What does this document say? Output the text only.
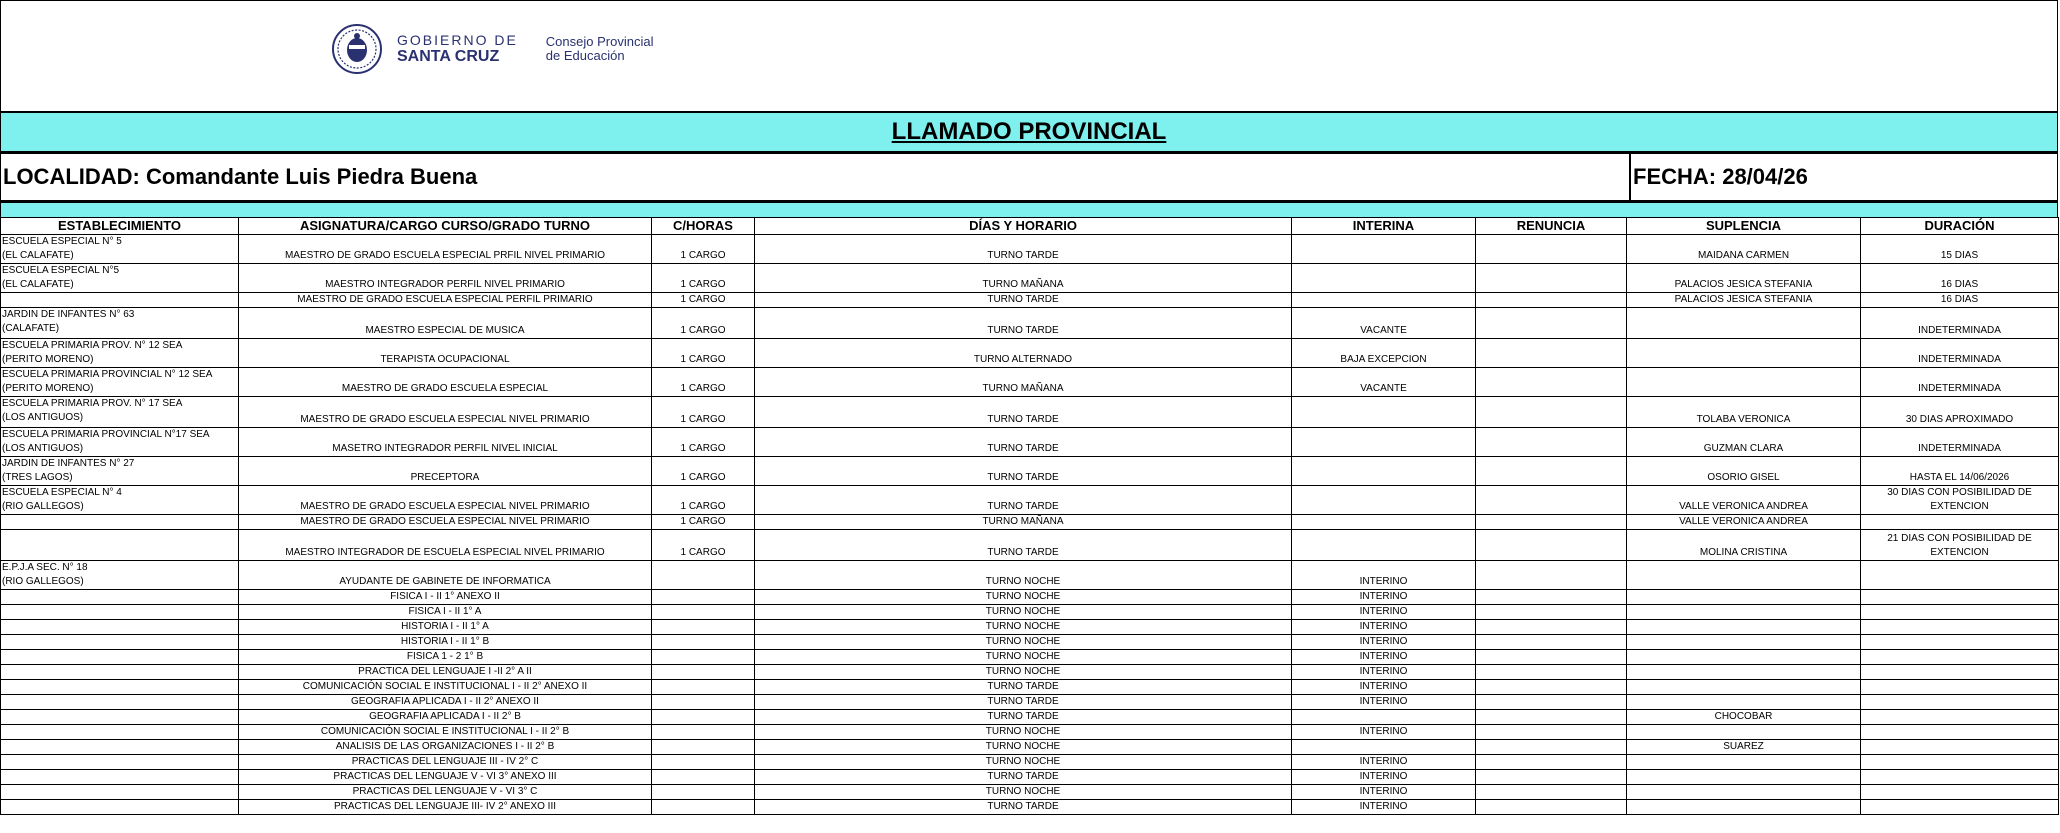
GOBIERNO DE
SANTA CRUZ
Consejo Provincial
de Educación
LLAMADO PROVINCIAL
LOCALIDAD: Comandante Luis Piedra Buena	FECHA: 28/04/26
ESTABLECIMIENTO	ASIGNATURA/CARGO CURSO/GRADO TURNO	C/HORAS	DÍAS Y HORARIO	INTERINA	RENUNCIA	SUPLENCIA	DURACIÓN

ESCUELA ESPECIAL N° 5
(EL CALAFATE)	MAESTRO DE GRADO ESCUELA ESPECIAL PRFIL NIVEL PRIMARIO	1 CARGO	TURNO TARDE			MAIDANA CARMEN	15 DIAS

ESCUELA ESPECIAL N°5
(EL CALAFATE)	MAESTRO INTEGRADOR PERFIL NIVEL PRIMARIO	1 CARGO	TURNO MAÑANA			PALACIOS JESICA STEFANIA	16 DIAS

	MAESTRO DE GRADO ESCUELA ESPECIAL PERFIL PRIMARIO	1 CARGO	TURNO TARDE			PALACIOS JESICA STEFANIA	16 DIAS

JARDIN DE INFANTES N° 63
(CALAFATE)	MAESTRO ESPECIAL DE MUSICA	1 CARGO	TURNO TARDE	VACANTE			INDETERMINADA

ESCUELA PRIMARIA PROV. N° 12 SEA
(PERITO MORENO)	TERAPISTA OCUPACIONAL	1 CARGO	TURNO ALTERNADO	BAJA EXCEPCION			INDETERMINADA

ESCUELA PRIMARIA PROVINCIAL N° 12 SEA
(PERITO MORENO)	MAESTRO DE GRADO ESCUELA ESPECIAL	1 CARGO	TURNO MAÑANA	VACANTE			INDETERMINADA

ESCUELA PRIMARIA PROV. N° 17 SEA
(LOS ANTIGUOS)	MAESTRO DE GRADO ESCUELA ESPECIAL NIVEL PRIMARIO	1 CARGO	TURNO TARDE			TOLABA VERONICA	30 DIAS APROXIMADO

ESCUELA PRIMARIA PROVINCIAL N°17 SEA
(LOS ANTIGUOS)	MASETRO INTEGRADOR PERFIL NIVEL INICIAL	1 CARGO	TURNO TARDE			GUZMAN CLARA	INDETERMINADA

JARDIN DE INFANTES N° 27
(TRES LAGOS)	PRECEPTORA	1 CARGO	TURNO TARDE			OSORIO GISEL	HASTA EL 14/06/2026

ESCUELA ESPECIAL N° 4
(RIO GALLEGOS)	MAESTRO DE GRADO ESCUELA ESPECIAL NIVEL PRIMARIO	1 CARGO	TURNO TARDE			VALLE VERONICA ANDREA	30 DIAS CON POSIBILIDAD DE EXTENCION

	MAESTRO DE GRADO ESCUELA ESPECIAL NIVEL PRIMARIO	1 CARGO	TURNO MAÑANA			VALLE VERONICA ANDREA	

	MAESTRO INTEGRADOR DE ESCUELA ESPECIAL NIVEL PRIMARIO	1 CARGO	TURNO TARDE			MOLINA CRISTINA	21 DIAS CON POSIBILIDAD DE EXTENCION

E.P.J.A SEC. N° 18
(RIO GALLEGOS)	AYUDANTE DE GABINETE DE INFORMATICA		TURNO NOCHE	INTERINO			

	FISICA I - II 1° ANEXO II		TURNO NOCHE	INTERINO			

	FISICA I - II 1° A		TURNO NOCHE	INTERINO			

	HISTORIA I - II 1° A		TURNO NOCHE	INTERINO			

	HISTORIA I - II 1° B		TURNO NOCHE	INTERINO			

	FISICA 1 - 2 1° B		TURNO NOCHE	INTERINO			

	PRACTICA DEL LENGUAJE I -II 2° A II		TURNO NOCHE	INTERINO			

	COMUNICACIÓN SOCIAL E INSTITUCIONAL I - II 2° ANEXO II		TURNO TARDE	INTERINO			

	GEOGRAFIA APLICADA I - II 2° ANEXO II		TURNO TARDE	INTERINO			

	GEOGRAFIA APLICADA I - II 2° B		TURNO TARDE			CHOCOBAR	

	COMUNICACIÓN SOCIAL E INSTITUCIONAL I - II 2° B		TURNO NOCHE	INTERINO			

	ANALISIS DE LAS ORGANIZACIONES I - II 2° B		TURNO NOCHE			SUAREZ	

	PRACTICAS DEL LENGUAJE III - IV 2° C		TURNO NOCHE	INTERINO			

	PRACTICAS DEL LENGUAJE V - VI 3° ANEXO III		TURNO TARDE	INTERINO			

	PRACTICAS DEL LENGUAJE V - VI 3° C		TURNO NOCHE	INTERINO			

	PRACTICAS DEL LENGUAJE III- IV 2° ANEXO III		TURNO TARDE	INTERINO			
